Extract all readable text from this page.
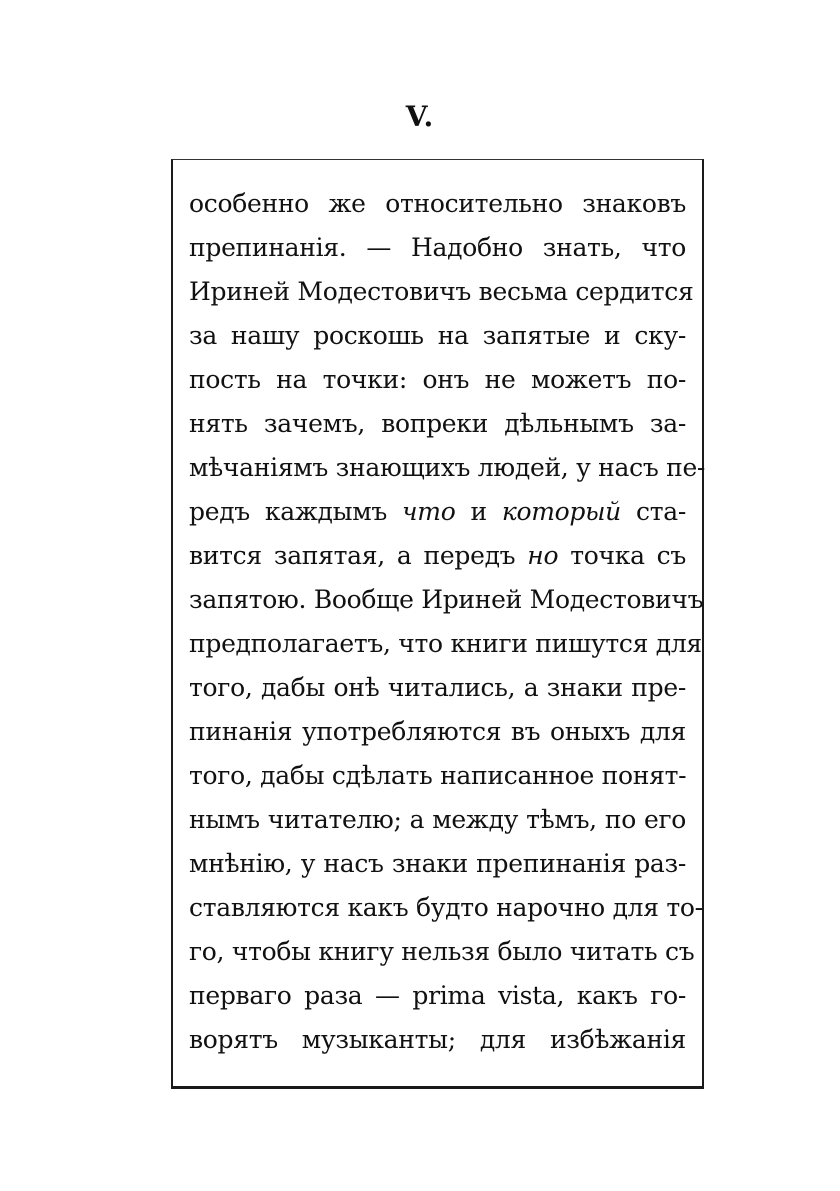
V.
особенно же относительно знаковъ
препинанія. — Надобно знать, что
Ириней Модестовичъ весьма сердится
за нашу роскошь на запятые и ску-
пость на точки: онъ не можетъ по-
нять зачемъ, вопреки дѣльнымъ за-
мѣчаніямъ знающихъ людей, у насъ пе-
редъ каждымъ что и который ста-
вится запятая, а передъ но точка съ
запятою. Вообще Ириней Модестовичъ
предполагаетъ, что книги пишутся для
того, дабы онѣ читались, а знаки пре-
пинанія употребляются въ оныхъ для
того, дабы сдѣлать написанное понят-
нымъ читателю; а между тѣмъ, по его
мнѣнію, у насъ знаки препинанія раз-
ставляются какъ будто нарочно для то-
го, чтобы книгу нельзя было читать съ
перваго раза — prima vista, какъ го-
ворятъ музыканты; для избѣжанія
